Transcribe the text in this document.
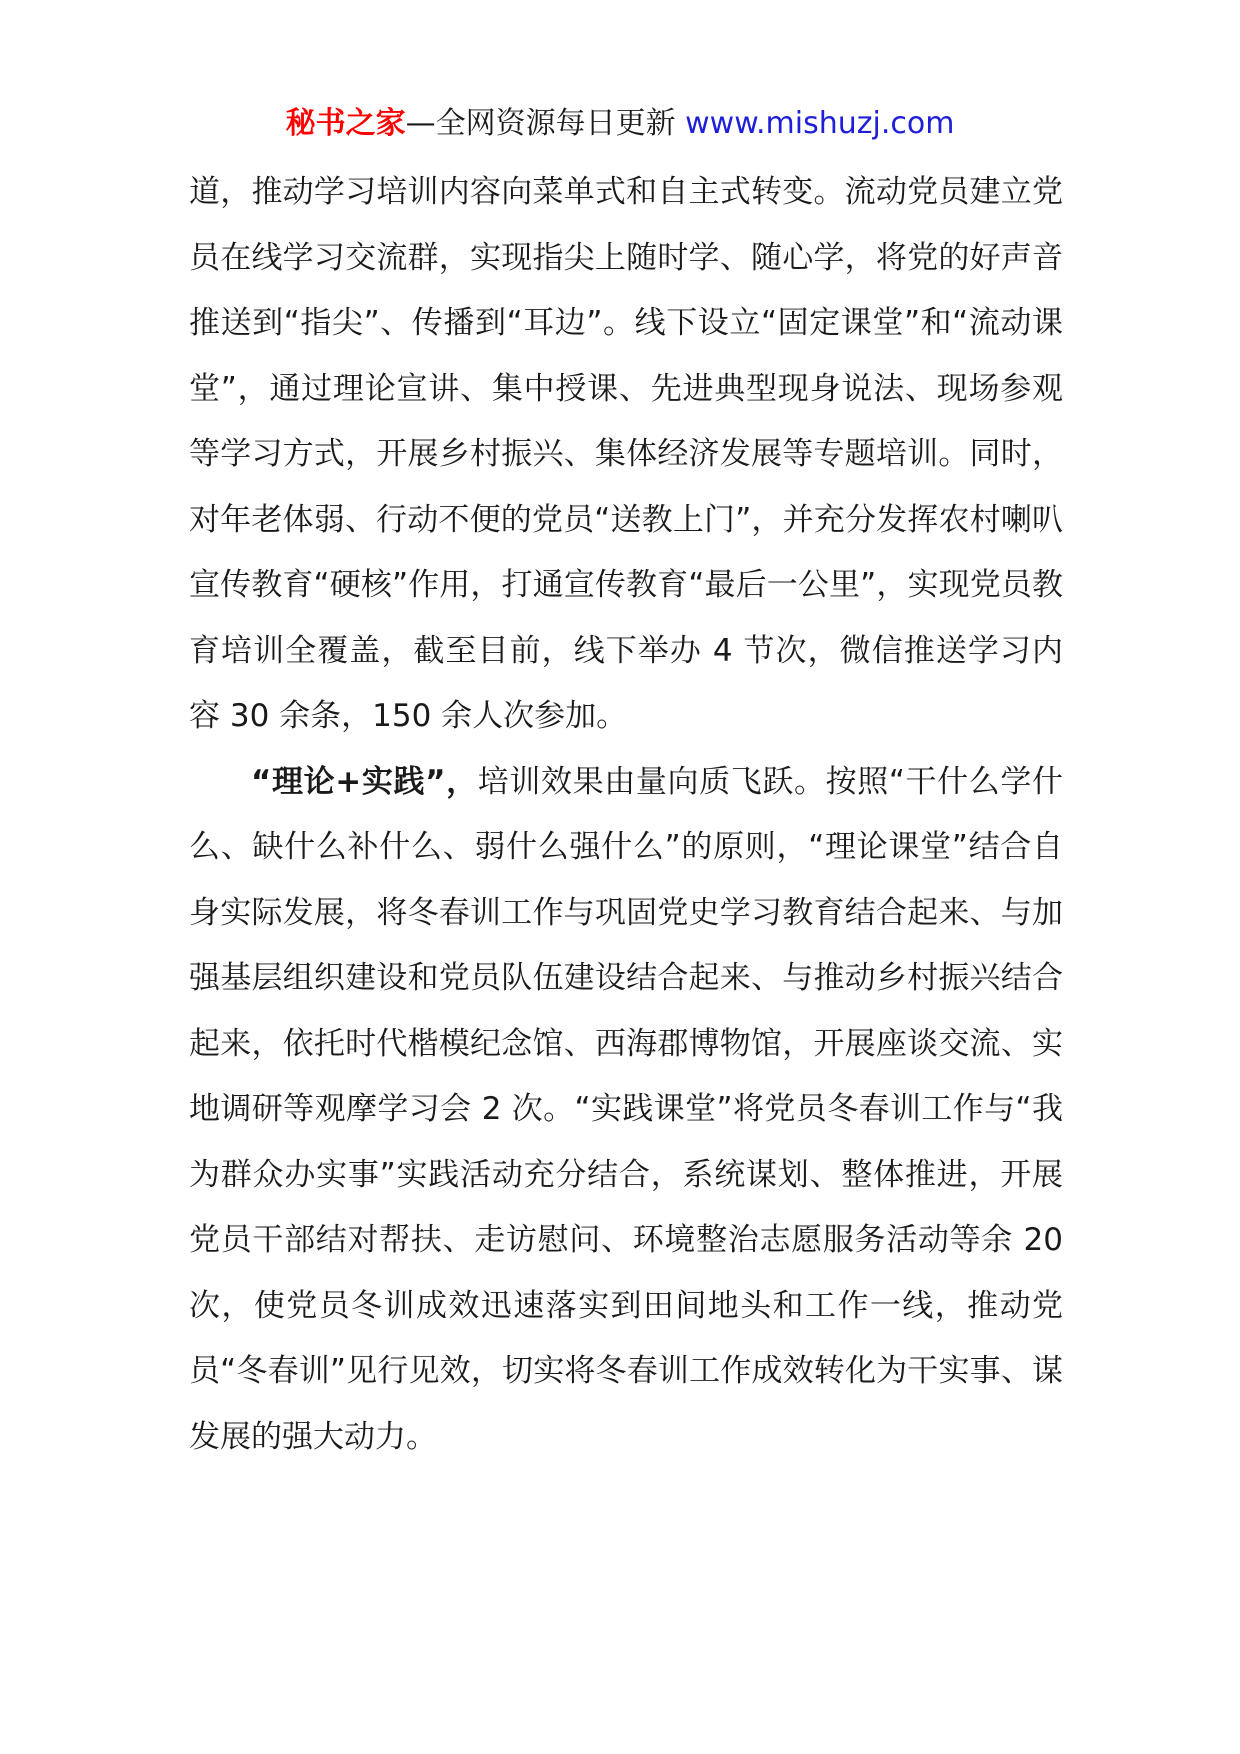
秘书之家—全网资源每日更新 www.mishuzj.com

道，推动学习培训内容向菜单式和自主式转变。流动党员建立党员在线学习交流群，实现指尖上随时学、随心学，将党的好声音推送到“指尖”、传播到“耳边”。线下设立“固定课堂”和“流动课堂”，通过理论宣讲、集中授课、先进典型现身说法、现场参观等学习方式，开展乡村振兴、集体经济发展等专题培训。同时，对年老体弱、行动不便的党员“送教上门”，并充分发挥农村喇叭宣传教育“硬核”作用，打通宣传教育“最后一公里”，实现党员教育培训全覆盖，截至目前，线下举办 4 节次，微信推送学习内容 30 余条，150 余人次参加。

“理论+实践”，培训效果由量向质飞跃。按照“干什么学什么、缺什么补什么、弱什么强什么”的原则，“理论课堂”结合自身实际发展，将冬春训工作与巩固党史学习教育结合起来、与加强基层组织建设和党员队伍建设结合起来、与推动乡村振兴结合起来，依托时代楷模纪念馆、西海郡博物馆，开展座谈交流、实地调研等观摩学习会 2 次。“实践课堂”将党员冬春训工作与“我为群众办实事”实践活动充分结合，系统谋划、整体推进，开展党员干部结对帮扶、走访慰问、环境整治志愿服务活动等余 20 次，使党员冬训成效迅速落实到田间地头和工作一线，推动党员“冬春训”见行见效，切实将冬春训工作成效转化为干实事、谋发展的强大动力。
